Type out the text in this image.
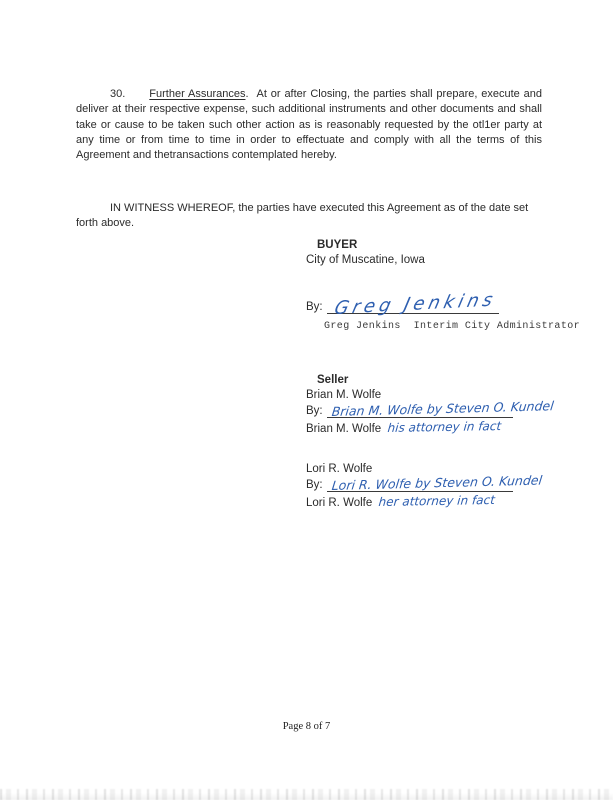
30. Further Assurances. At or after Closing, the parties shall prepare, execute and deliver at their respective expense, such additional instruments and other documents and shall take or cause to be taken such other action as is reasonably requested by the otl1er party at any time or from time to time in order to effectuate and comply with all the terms of this Agreement and thetransactions contemplated hereby.

IN WITNESS WHEREOF, the parties have executed this Agreement as of the date set forth above.

BUYER
City of Muscatine, Iowa
By: Greg Jenkins
Greg Jenkins  Interim City Administrator
Seller
Brian M. Wolfe
By: Brian M. Wolfe by Steven O. Kundel
Brian M. Wolfe his attorney in fact
Lori R. Wolfe
By: Lori R. Wolfe by Steven O. Kundel
Lori R. Wolfe her attorney in fact
Page 8 of 7
